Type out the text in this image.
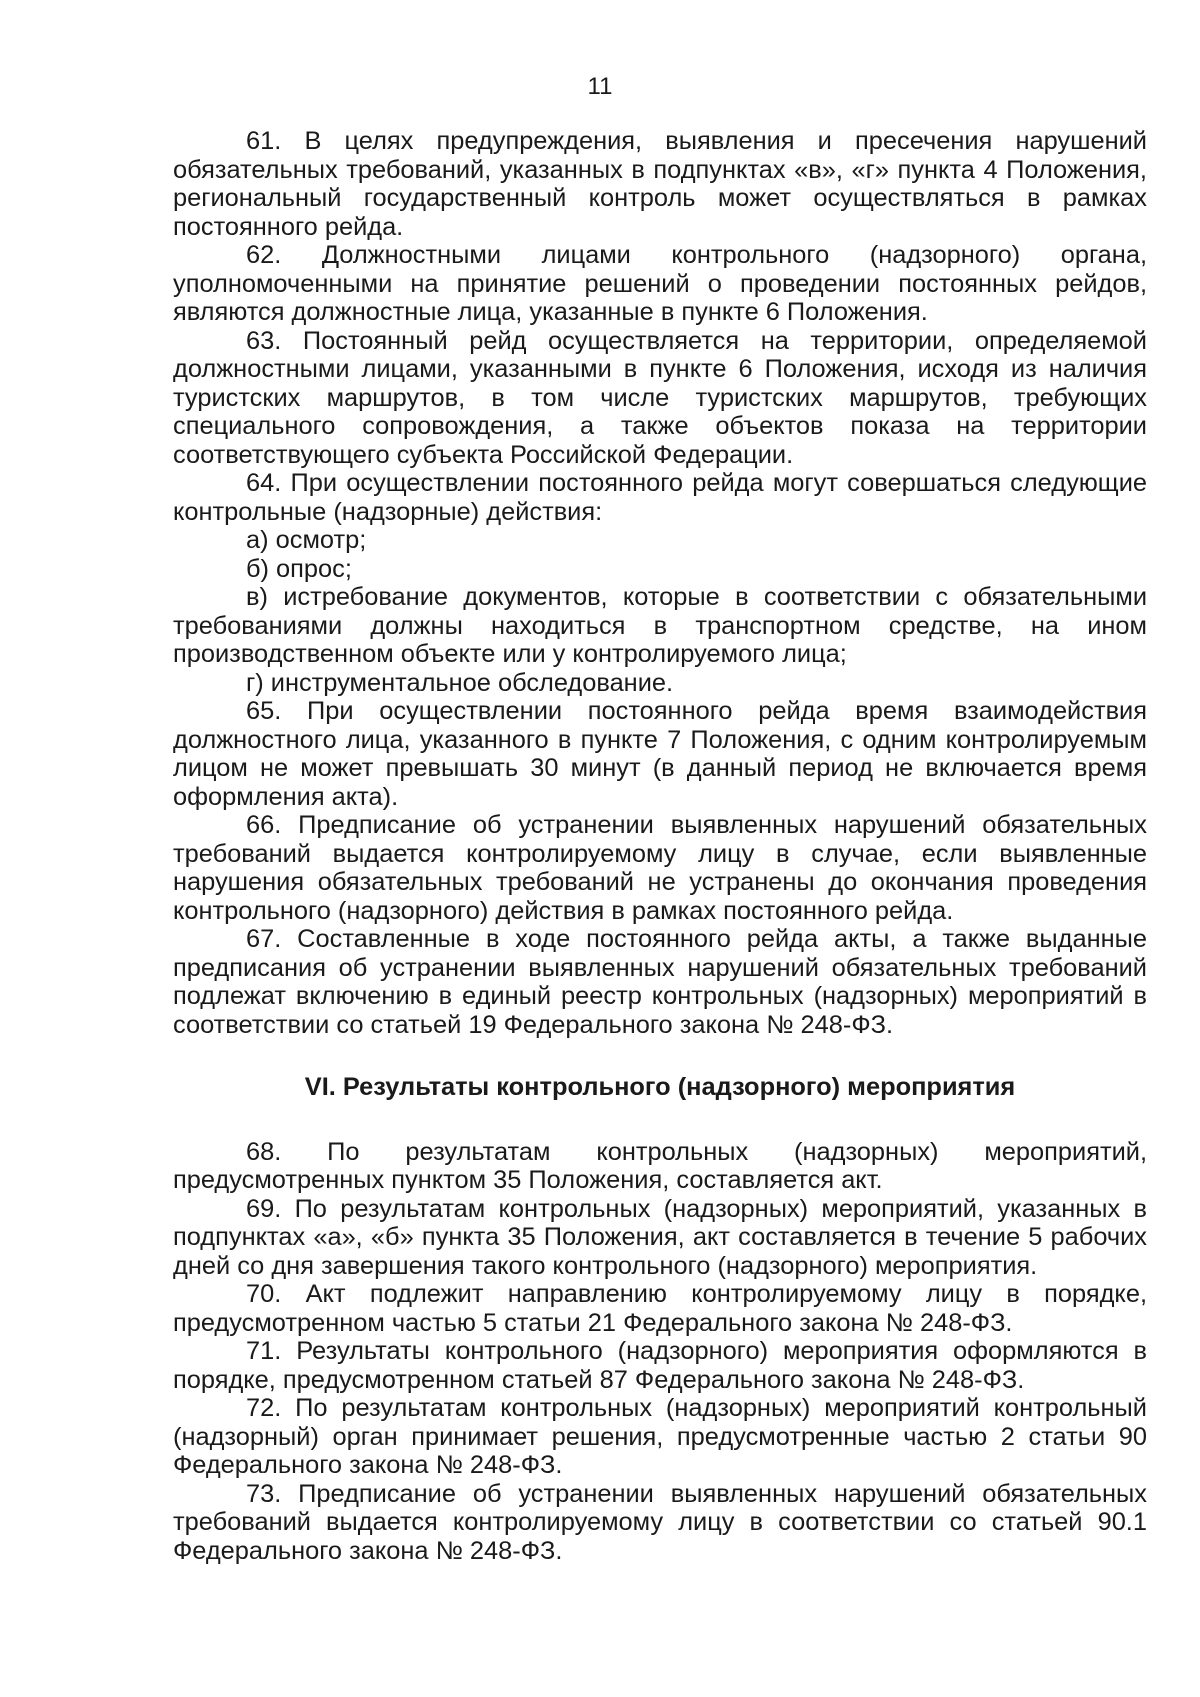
11

61. В целях предупреждения, выявления и пресечения нарушений обязательных требований, указанных в подпунктах «в», «г» пункта 4 Положения, региональный государственный контроль может осуществляться в рамках постоянного рейда.

62. Должностными лицами контрольного (надзорного) органа, уполномоченными на принятие решений о проведении постоянных рейдов, являются должностные лица, указанные в пункте 6 Положения.

63. Постоянный рейд осуществляется на территории, определяемой должностными лицами, указанными в пункте 6 Положения, исходя из наличия туристских маршрутов, в том числе туристских маршрутов, требующих специального сопровождения, а также объектов показа на территории соответствующего субъекта Российской Федерации.

64. При осуществлении постоянного рейда могут совершаться следующие контрольные (надзорные) действия:

а) осмотр;

б) опрос;

в) истребование документов, которые в соответствии с обязательными требованиями должны находиться в транспортном средстве, на ином производственном объекте или у контролируемого лица;

г) инструментальное обследование.

65. При осуществлении постоянного рейда время взаимодействия должностного лица, указанного в пункте 7 Положения, с одним контролируемым лицом не может превышать 30 минут (в данный период не включается время оформления акта).

66. Предписание об устранении выявленных нарушений обязательных требований выдается контролируемому лицу в случае, если выявленные нарушения обязательных требований не устранены до окончания проведения контрольного (надзорного) действия в рамках постоянного рейда.

67. Составленные в ходе постоянного рейда акты, а также выданные предписания об устранении выявленных нарушений обязательных требований подлежат включению в единый реестр контрольных (надзорных) мероприятий в соответствии со статьей 19 Федерального закона № 248-ФЗ.

VI. Результаты контрольного (надзорного) мероприятия

68. По результатам контрольных (надзорных) мероприятий, предусмотренных пунктом 35 Положения, составляется акт.

69. По результатам контрольных (надзорных) мероприятий, указанных в подпунктах «а», «б» пункта 35 Положения, акт составляется в течение 5 рабочих дней со дня завершения такого контрольного (надзорного) мероприятия.

70. Акт подлежит направлению контролируемому лицу в порядке, предусмотренном частью 5 статьи 21 Федерального закона № 248-ФЗ.

71. Результаты контрольного (надзорного) мероприятия оформляются в порядке, предусмотренном статьей 87 Федерального закона № 248-ФЗ.

72. По результатам контрольных (надзорных) мероприятий контрольный (надзорный) орган принимает решения, предусмотренные частью 2 статьи 90 Федерального закона № 248-ФЗ.

73. Предписание об устранении выявленных нарушений обязательных требований выдается контролируемому лицу в соответствии со статьей 90.1 Федерального закона № 248-ФЗ.
